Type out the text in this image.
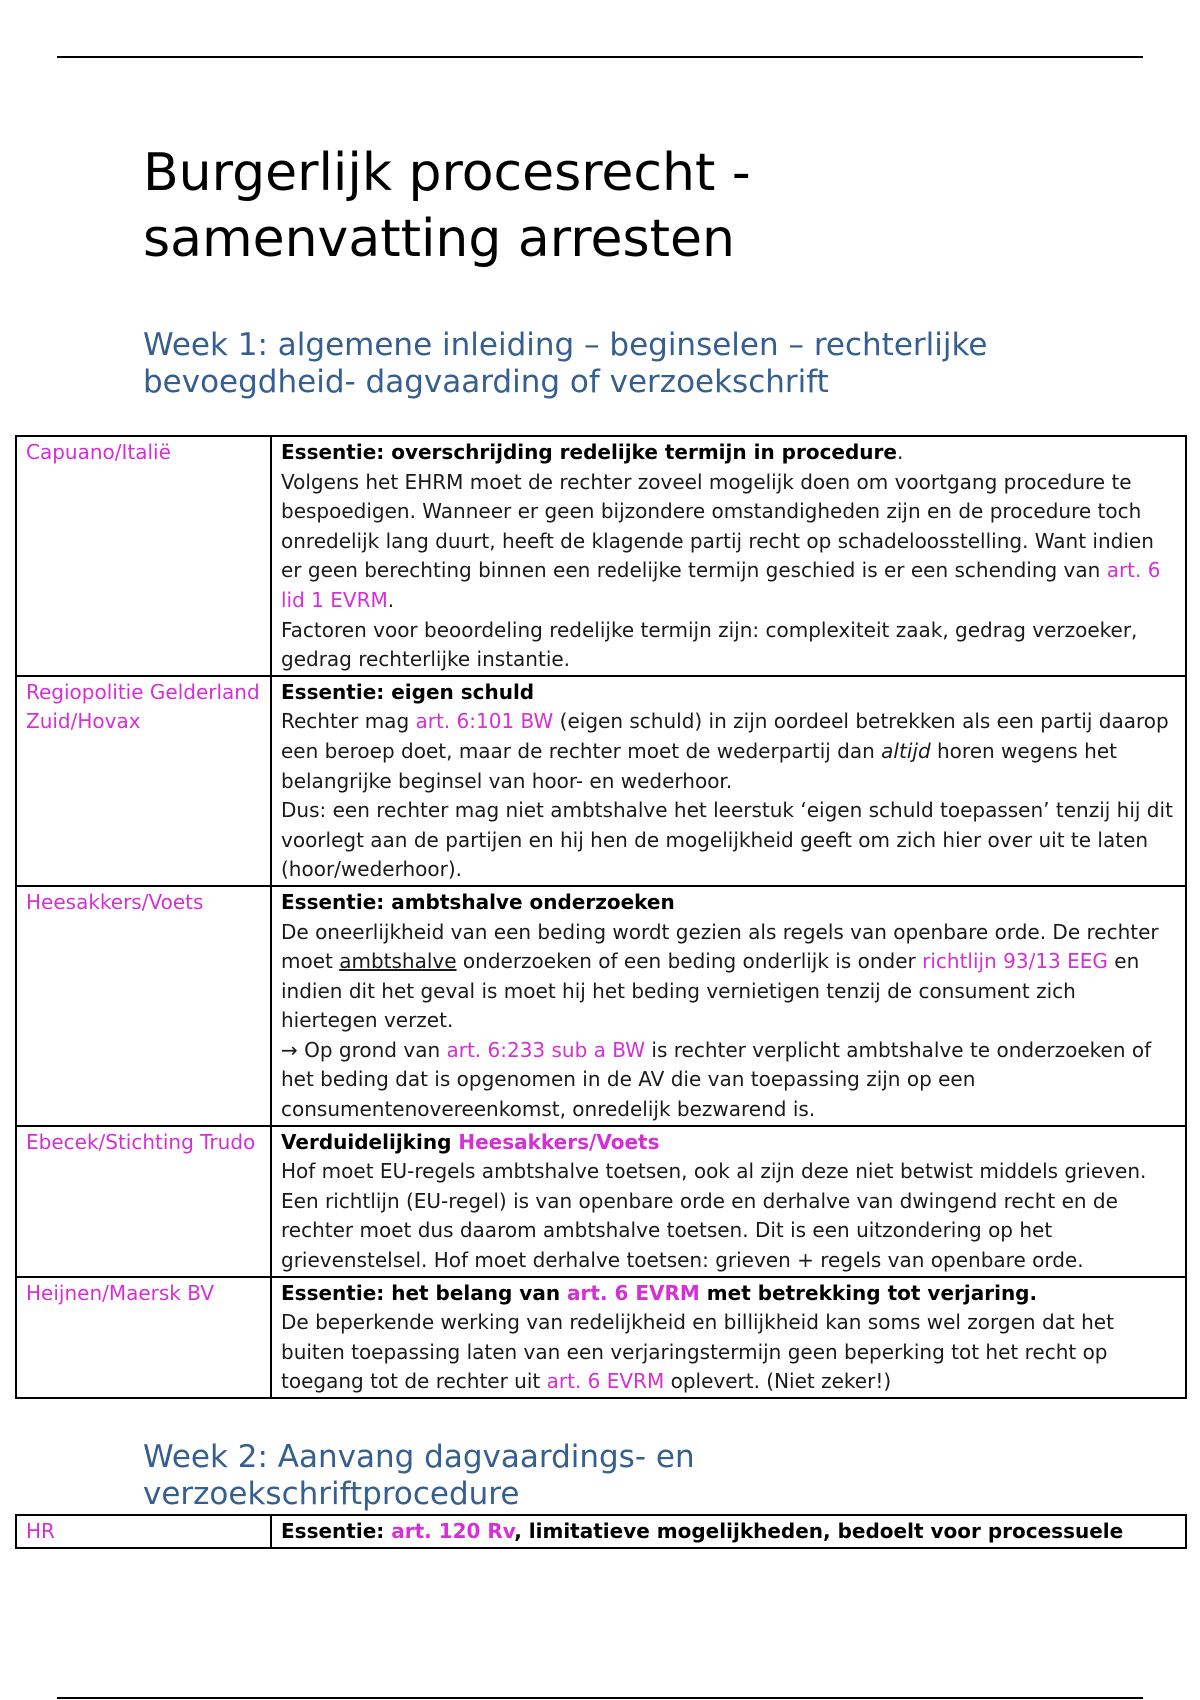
Burgerlijk procesrecht -
samenvatting arresten
Week 1: algemene inleiding – beginselen – rechterlijke
bevoegdheid- dagvaarding of verzoekschrift
Capuano/Italië	Essentie: overschrijding redelijke termijn in procedure.
Volgens het EHRM moet de rechter zoveel mogelijk doen om voortgang procedure te bespoedigen. Wanneer er geen bijzondere omstandigheden zijn en de procedure toch onredelijk lang duurt, heeft de klagende partij recht op schadeloosstelling. Want indien er geen berechting binnen een redelijke termijn geschied is er een schending van art. 6 lid 1 EVRM.
Factoren voor beoordeling redelijke termijn zijn: complexiteit zaak, gedrag verzoeker, gedrag rechterlijke instantie.
Regiopolitie Gelderland Zuid/Hovax	Essentie: eigen schuld
Rechter mag art. 6:101 BW (eigen schuld) in zijn oordeel betrekken als een partij daarop een beroep doet, maar de rechter moet de wederpartij dan altijd horen wegens het belangrijke beginsel van hoor- en wederhoor.
Dus: een rechter mag niet ambtshalve het leerstuk ‘eigen schuld toepassen’ tenzij hij dit voorlegt aan de partijen en hij hen de mogelijkheid geeft om zich hier over uit te laten (hoor/wederhoor).
Heesakkers/Voets	Essentie: ambtshalve onderzoeken
De oneerlijkheid van een beding wordt gezien als regels van openbare orde. De rechter moet ambtshalve onderzoeken of een beding onderlijk is onder richtlijn 93/13 EEG en indien dit het geval is moet hij het beding vernietigen tenzij de consument zich hiertegen verzet.
→ Op grond van art. 6:233 sub a BW is rechter verplicht ambtshalve te onderzoeken of het beding dat is opgenomen in de AV die van toepassing zijn op een consumentenovereenkomst, onredelijk bezwarend is.
Ebecek/Stichting Trudo	Verduidelijking Heesakkers/Voets
Hof moet EU-regels ambtshalve toetsen, ook al zijn deze niet betwist middels grieven. Een richtlijn (EU-regel) is van openbare orde en derhalve van dwingend recht en de rechter moet dus daarom ambtshalve toetsen. Dit is een uitzondering op het grievenstelsel. Hof moet derhalve toetsen: grieven + regels van openbare orde.
Heijnen/Maersk BV	Essentie: het belang van art. 6 EVRM met betrekking tot verjaring.
De beperkende werking van redelijkheid en billijkheid kan soms wel zorgen dat het buiten toepassing laten van een verjaringstermijn geen beperking tot het recht op toegang tot de rechter uit art. 6 EVRM oplevert. (Niet zeker!)
Week 2: Aanvang dagvaardings- en
verzoekschriftprocedure
HR	Essentie: art. 120 Rv, limitatieve mogelijkheden, bedoelt voor processuele
